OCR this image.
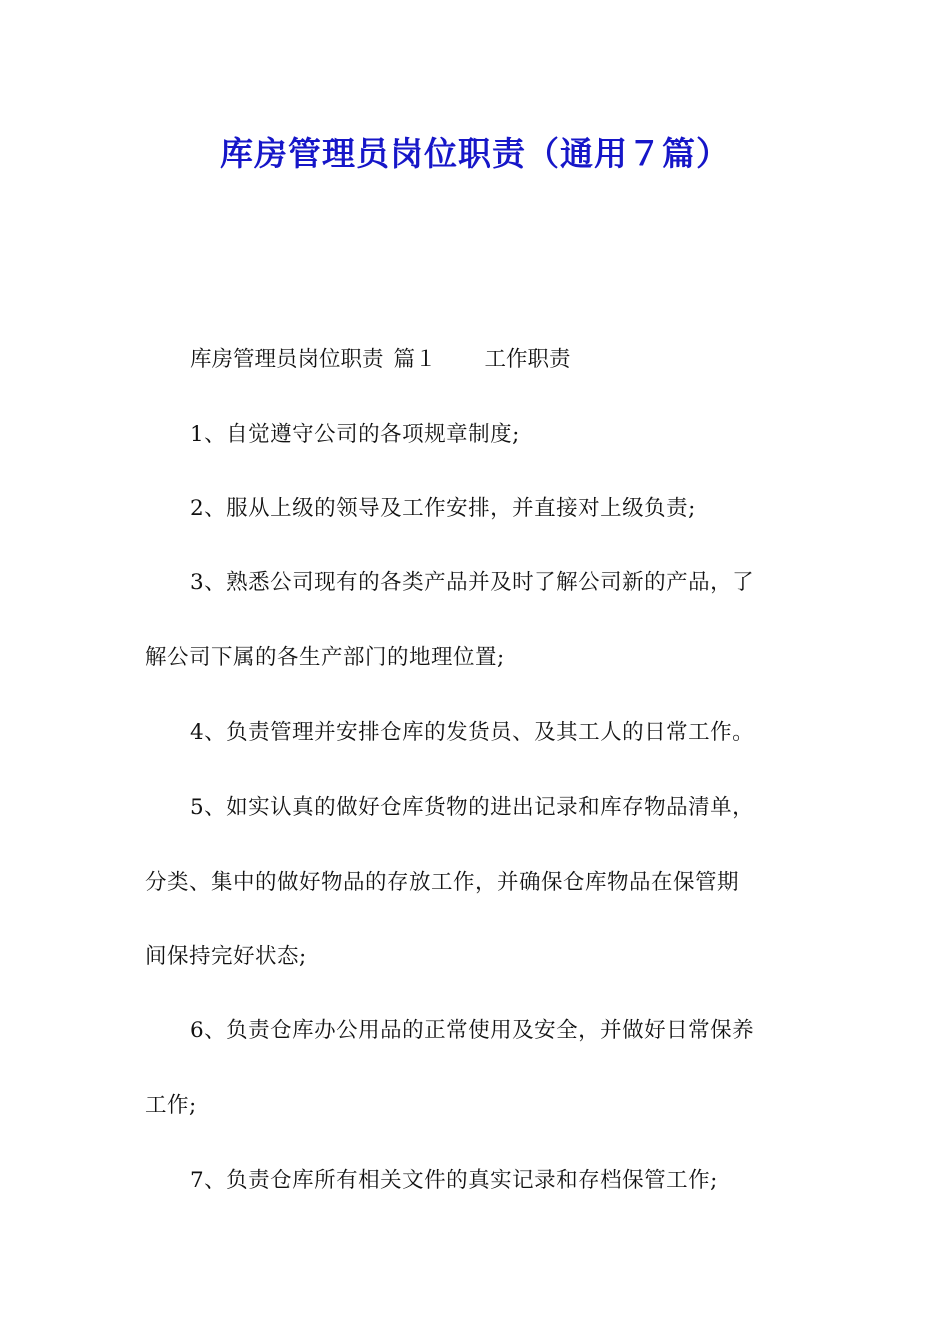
库房管理员岗位职责（通用７篇）
库房管理员岗位职责 篇１ 工作职责
1、自觉遵守公司的各项规章制度;
2、服从上级的领导及工作安排，并直接对上级负责;
3、熟悉公司现有的各类产品并及时了解公司新的产品，了
解公司下属的各生产部门的地理位置;
4、负责管理并安排仓库的发货员、及其工人的日常工作。
5、如实认真的做好仓库货物的进出记录和库存物品清单，
分类、集中的做好物品的存放工作，并确保仓库物品在保管期
间保持完好状态;
6、负责仓库办公用品的正常使用及安全，并做好日常保养
工作;
7、负责仓库所有相关文件的真实记录和存档保管工作;
